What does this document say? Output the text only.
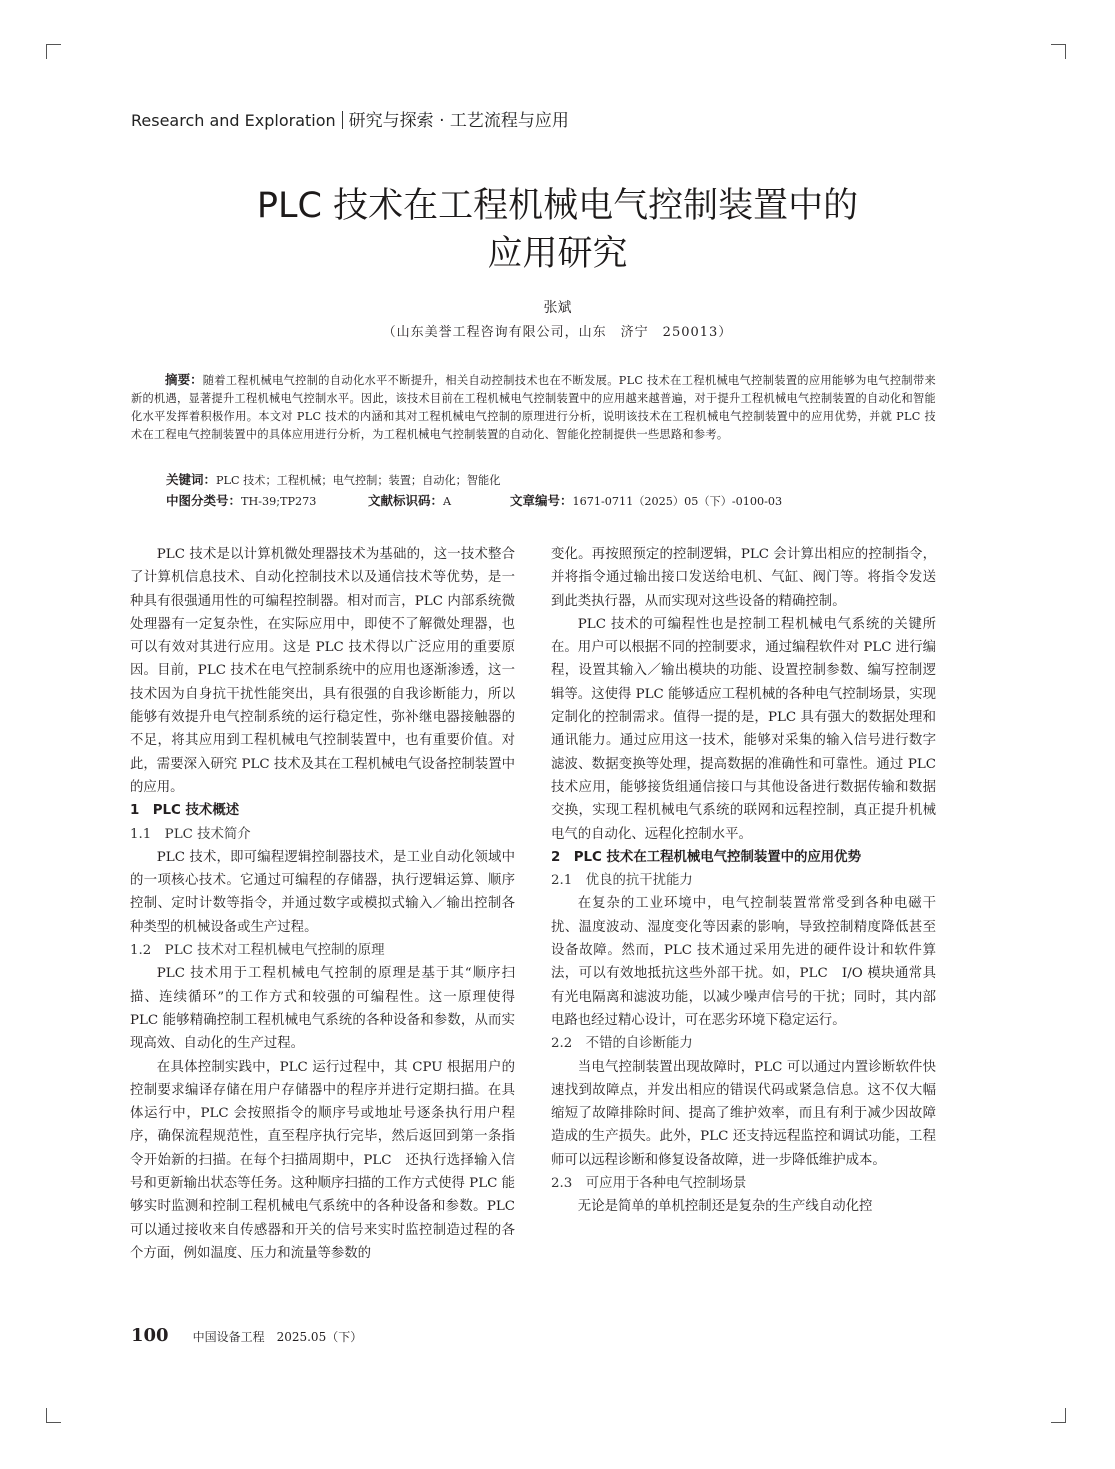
Research and Exploration 研究与探索 · 工艺流程与应用
PLC 技术在工程机械电气控制装置中的
应用研究
张斌
（山东美誉工程咨询有限公司，山东　济宁　250013）
摘要：随着工程机械电气控制的自动化水平不断提升，相关自动控制技术也在不断发展。PLC 技术在工程机械电气控制装置的应用能够为电气控制带来新的机遇，显著提升工程机械电气控制水平。因此，该技术目前在工程机械电气控制装置中的应用越来越普遍，对于提升工程机械电气控制装置的自动化和智能化水平发挥着积极作用。本文对 PLC 技术的内涵和其对工程机械电气控制的原理进行分析，说明该技术在工程机械电气控制装置中的应用优势，并就 PLC 技术在工程电气控制装置中的具体应用进行分析，为工程机械电气控制装置的自动化、智能化控制提供一些思路和参考。
关键词：PLC 技术；工程机械；电气控制；装置；自动化；智能化
中图分类号：TH-39;TP273	文献标识码：A	文章编号：1671-0711（2025）05（下）-0100-03

PLC 技术是以计算机微处理器技术为基础的，这一技术整合了计算机信息技术、自动化控制技术以及通信技术等优势，是一种具有很强通用性的可编程控制器。相对而言，PLC 内部系统微处理器有一定复杂性，在实际应用中，即使不了解微处理器，也可以有效对其进行应用。这是 PLC 技术得以广泛应用的重要原因。目前，PLC 技术在电气控制系统中的应用也逐渐渗透，这一技术因为自身抗干扰性能突出，具有很强的自我诊断能力，所以能够有效提升电气控制系统的运行稳定性，弥补继电器接触器的不足，将其应用到工程机械电气控制装置中，也有重要价值。对此，需要深入研究 PLC 技术及其在工程机械电气设备控制装置中的应用。

1　PLC 技术概述

1.1　PLC 技术简介

PLC 技术，即可编程逻辑控制器技术，是工业自动化领域中的一项核心技术。它通过可编程的存储器，执行逻辑运算、顺序控制、定时计数等指令，并通过数字或模拟式输入／输出控制各种类型的机械设备或生产过程。

1.2　PLC 技术对工程机械电气控制的原理

PLC 技术用于工程机械电气控制的原理是基于其“顺序扫描、连续循环”的工作方式和较强的可编程性。这一原理使得 PLC 能够精确控制工程机械电气系统的各种设备和参数，从而实现高效、自动化的生产过程。

在具体控制实践中，PLC 运行过程中，其 CPU 根据用户的控制要求编译存储在用户存储器中的程序并进行定期扫描。在具体运行中，PLC 会按照指令的顺序号或地址号逐条执行用户程序，确保流程规范性，直至程序执行完毕，然后返回到第一条指令开始新的扫描。在每个扫描周期中，PLC　还执行选择输入信号和更新输出状态等任务。这种顺序扫描的工作方式使得 PLC 能够实时监测和控制工程机械电气系统中的各种设备和参数。PLC 可以通过接收来自传感器和开关的信号来实时监控制造过程的各个方面，例如温度、压力和流量等参数的

变化。再按照预定的控制逻辑，PLC 会计算出相应的控制指令，并将指令通过输出接口发送给电机、气缸、阀门等。将指令发送到此类执行器，从而实现对这些设备的精确控制。

PLC 技术的可编程性也是控制工程机械电气系统的关键所在。用户可以根据不同的控制要求，通过编程软件对 PLC 进行编程，设置其输入／输出模块的功能、设置控制参数、编写控制逻辑等。这使得 PLC 能够适应工程机械的各种电气控制场景，实现定制化的控制需求。值得一提的是，PLC 具有强大的数据处理和通讯能力。通过应用这一技术，能够对采集的输入信号进行数字滤波、数据变换等处理，提高数据的准确性和可靠性。通过 PLC 技术应用，能够接货组通信接口与其他设备进行数据传输和数据交换，实现工程机械电气系统的联网和远程控制，真正提升机械电气的自动化、远程化控制水平。

2　PLC 技术在工程机械电气控制装置中的应用优势

2.1　优良的抗干扰能力

在复杂的工业环境中，电气控制装置常常受到各种电磁干扰、温度波动、湿度变化等因素的影响，导致控制精度降低甚至设备故障。然而，PLC 技术通过采用先进的硬件设计和软件算法，可以有效地抵抗这些外部干扰。如，PLC　I/O 模块通常具有光电隔离和滤波功能，以减少噪声信号的干扰；同时，其内部电路也经过精心设计，可在恶劣环境下稳定运行。

2.2　不错的自诊断能力

当电气控制装置出现故障时，PLC 可以通过内置诊断软件快速找到故障点，并发出相应的错误代码或紧急信息。这不仅大幅缩短了故障排除时间、提高了维护效率，而且有利于减少因故障造成的生产损失。此外，PLC 还支持远程监控和调试功能，工程师可以远程诊断和修复设备故障，进一步降低维护成本。

2.3　可应用于各种电气控制场景

无论是简单的单机控制还是复杂的生产线自动化控

100 中国设备工程　2025.05（下）
